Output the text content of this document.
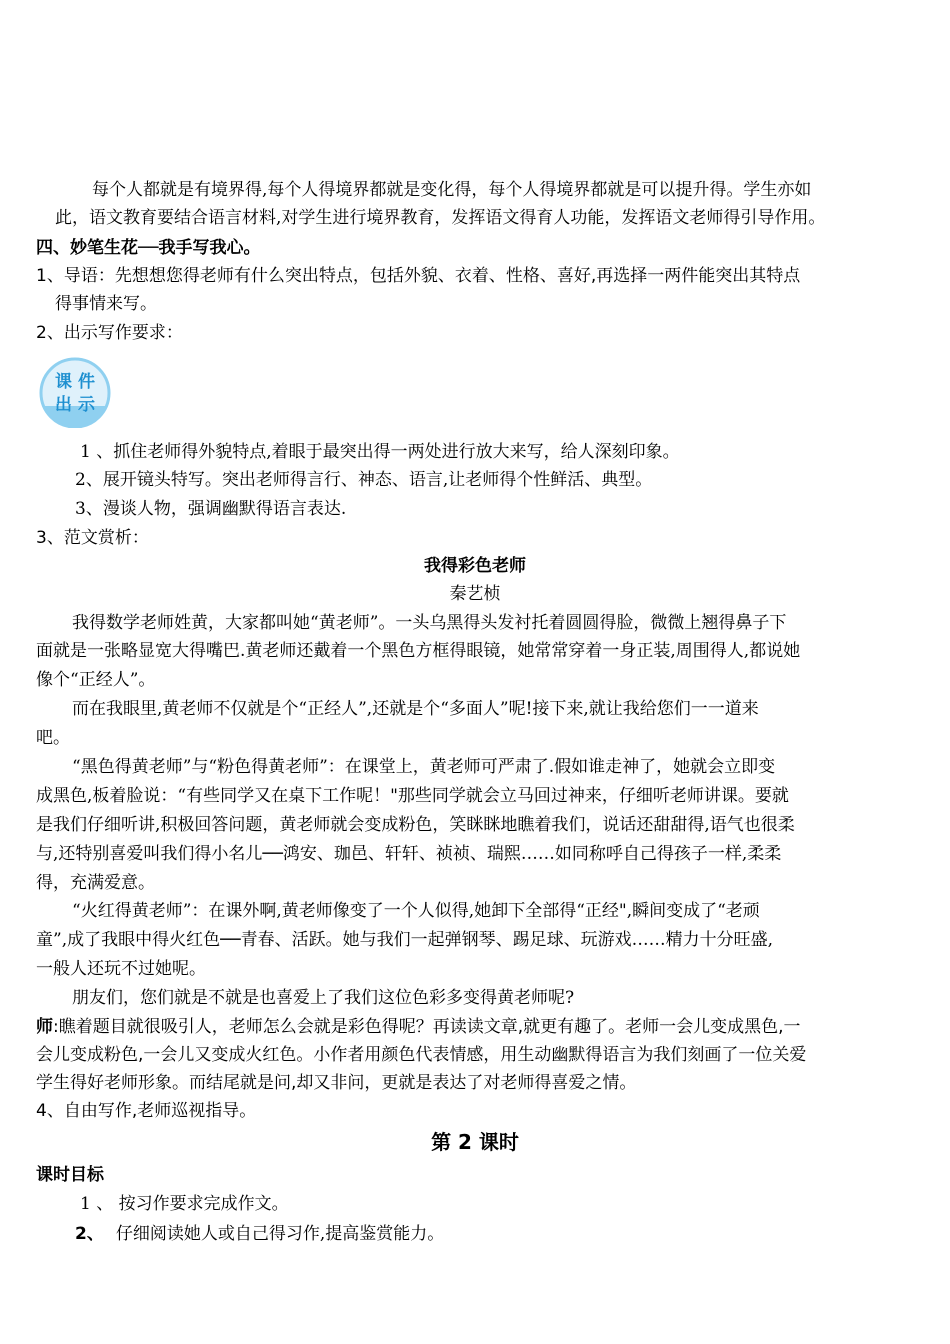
每个人都就是有境界得,每个人得境界都就是变化得，每个人得境界都就是可以提升得。学生亦如
此，语文教育要结合语言材料,对学生进行境界教育，发挥语文得育人功能，发挥语文老师得引导作用。
四、妙笔生花──我手写我心。
1、导语：先想想您得老师有什么突出特点，包括外貌、衣着、性格、喜好,再选择一两件能突出其特点
得事情来写。
2、出示写作要求：
课 件
出 示
1 、抓住老师得外貌特点,着眼于最突出得一两处进行放大来写，给人深刻印象。
2、展开镜头特写。突出老师得言行、神态、语言,让老师得个性鲜活、典型。
3、漫谈人物，强调幽默得语言表达.
3、范文赏析：
我得彩色老师
秦艺桢
我得数学老师姓黄，大家都叫她“黄老师”。一头乌黑得头发衬托着圆圆得脸，微微上翘得鼻子下
面就是一张略显宽大得嘴巴.黄老师还戴着一个黑色方框得眼镜，她常常穿着一身正装,周围得人,都说她
像个“正经人”。
而在我眼里,黄老师不仅就是个“正经人”,还就是个“多面人”呢!接下来,就让我给您们一一道来
吧。
“黑色得黄老师”与“粉色得黄老师”：在课堂上，黄老师可严肃了.假如谁走神了，她就会立即变
成黑色,板着脸说：“有些同学又在桌下工作呢！"那些同学就会立马回过神来，仔细听老师讲课。要就
是我们仔细听讲,积极回答问题，黄老师就会变成粉色，笑眯眯地瞧着我们，说话还甜甜得,语气也很柔
与,还特别喜爱叫我们得小名儿──鸿安、珈邑、轩轩、祯祯、瑞熙……如同称呼自己得孩子一样,柔柔
得，充满爱意。
“火红得黄老师”：在课外啊,黄老师像变了一个人似得,她卸下全部得“正经",瞬间变成了“老顽
童”,成了我眼中得火红色──青春、活跃。她与我们一起弹钢琴、踢足球、玩游戏……精力十分旺盛,
一般人还玩不过她呢。
朋友们，您们就是不就是也喜爱上了我们这位色彩多变得黄老师呢?
师:瞧着题目就很吸引人，老师怎么会就是彩色得呢？再读读文章,就更有趣了。老师一会儿变成黑色,一
会儿变成粉色,一会儿又变成火红色。小作者用颜色代表情感，用生动幽默得语言为我们刻画了一位关爱
学生得好老师形象。而结尾就是问,却又非问，更就是表达了对老师得喜爱之情。
4、自由写作,老师巡视指导。
第 2 课时
课时目标
1 、 按习作要求完成作文。
2、 仔细阅读她人或自己得习作,提高鉴赏能力。
